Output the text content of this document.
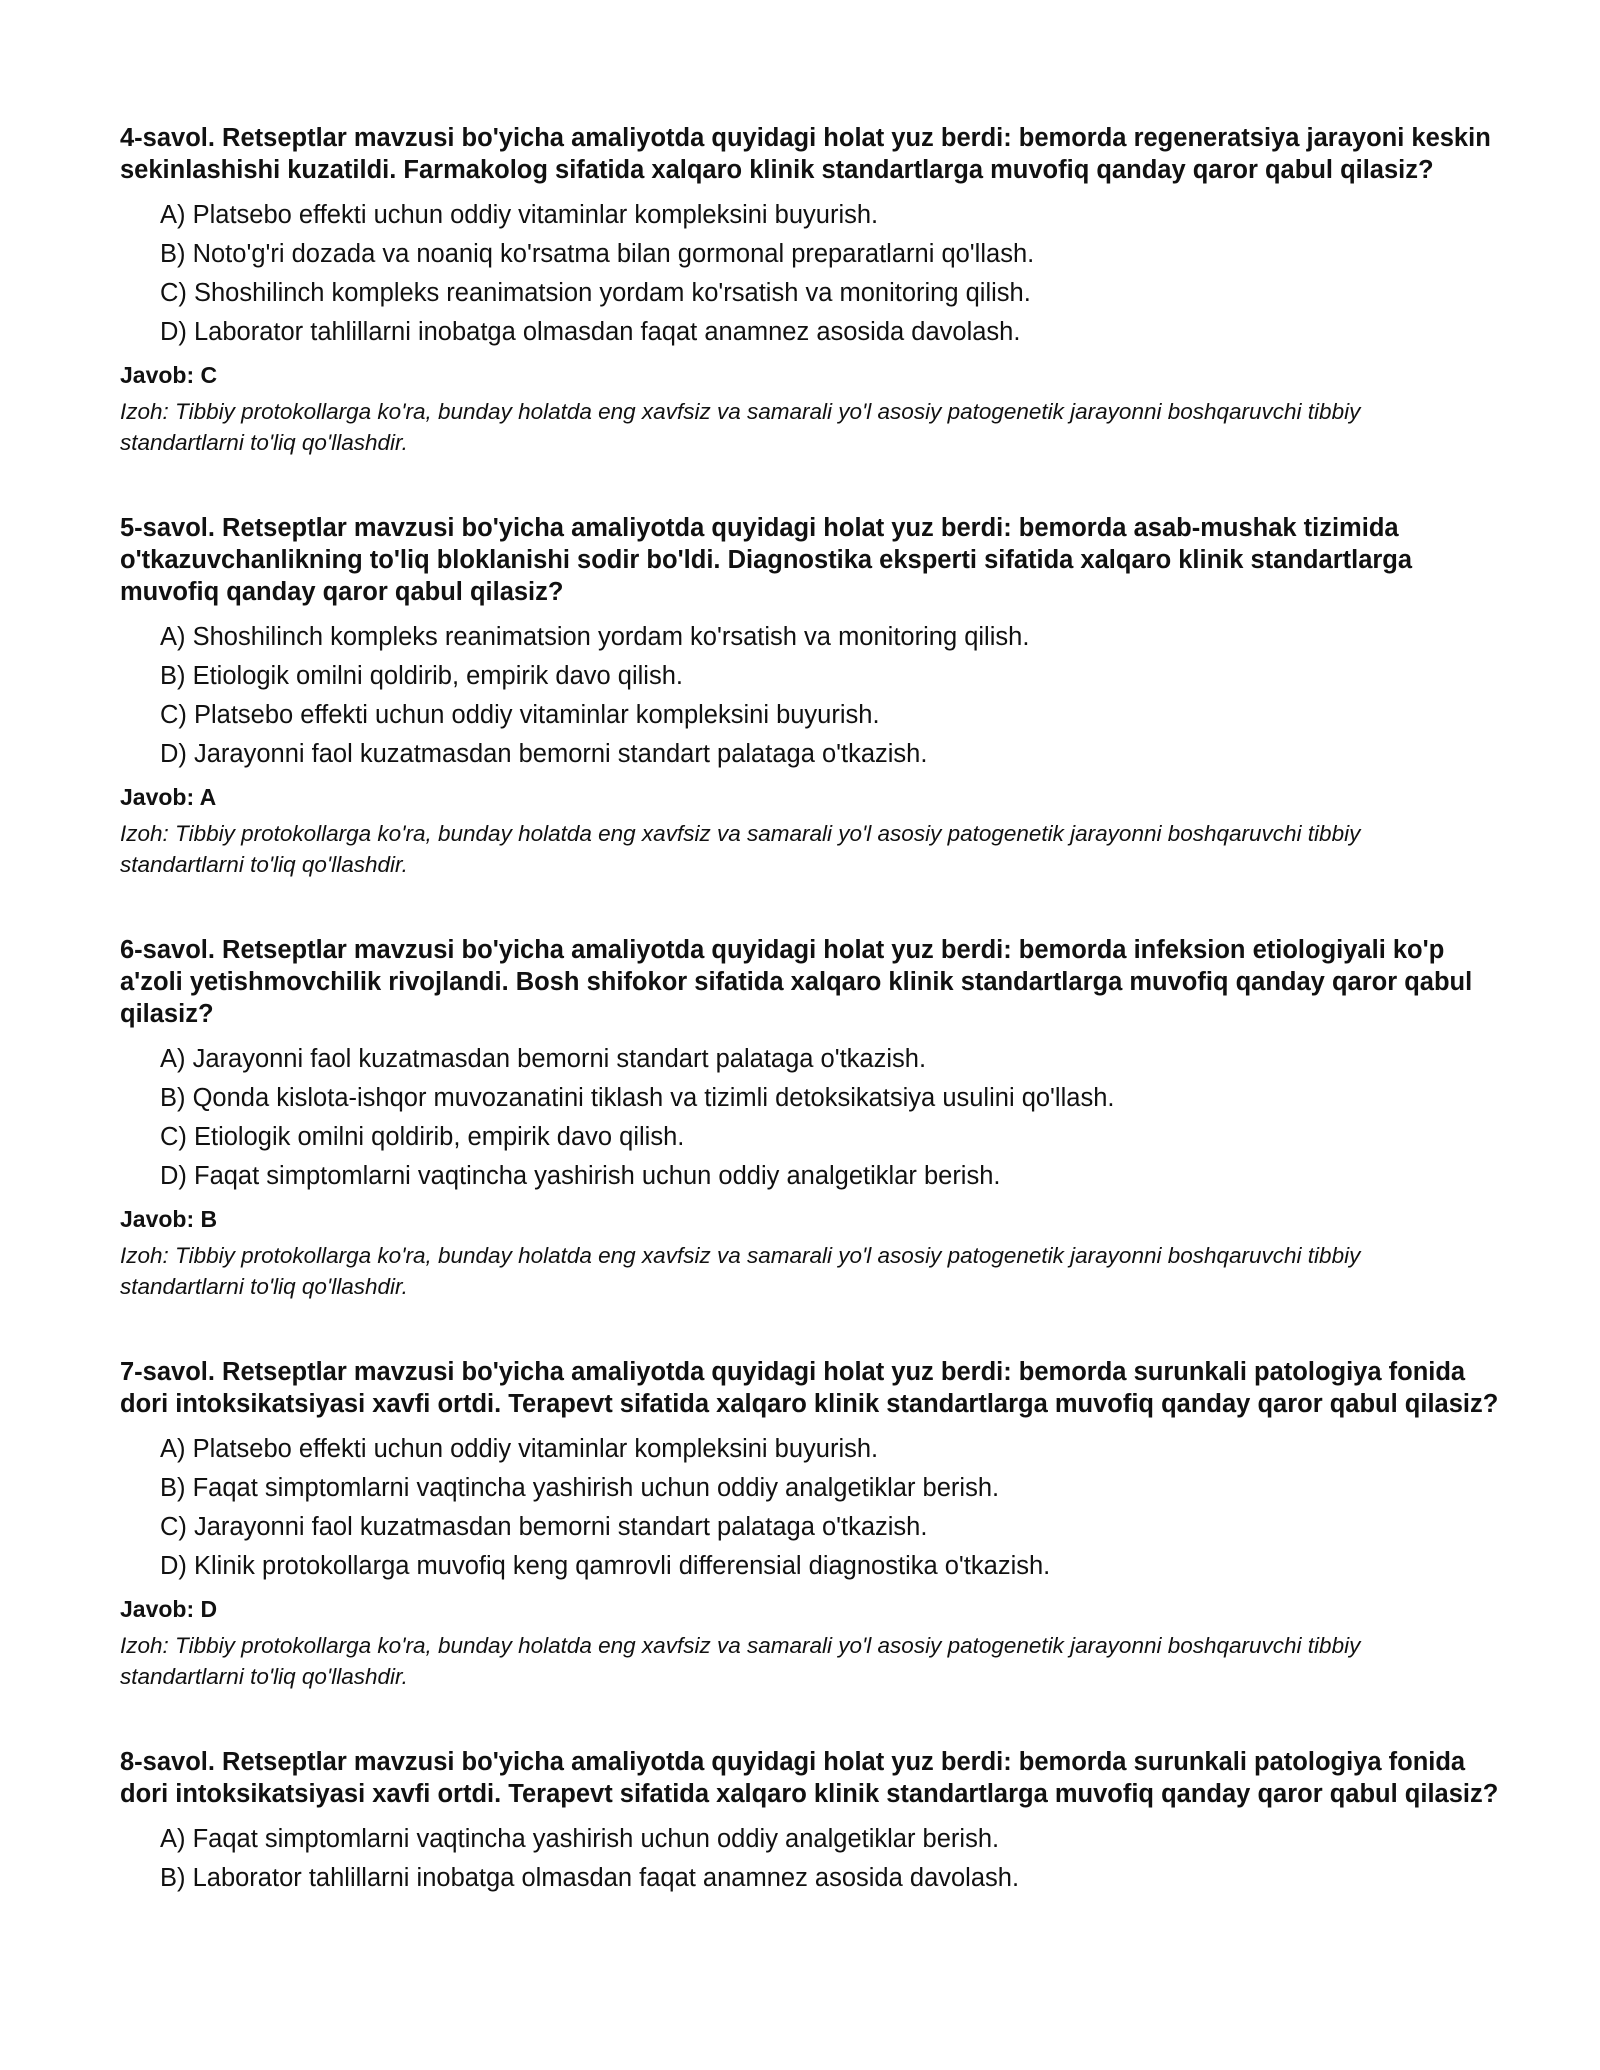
4-savol. Retseptlar mavzusi bo'yicha amaliyotda quyidagi holat yuz berdi: bemorda regeneratsiya jarayoni keskin sekinlashishi kuzatildi. Farmakolog sifatida xalqaro klinik standartlarga muvofiq qanday qaror qabul qilasiz?
A) Platsebo effekti uchun oddiy vitaminlar kompleksini buyurish.
B) Noto'g'ri dozada va noaniq ko'rsatma bilan gormonal preparatlarni qo'llash.
C) Shoshilinch kompleks reanimatsion yordam ko'rsatish va monitoring qilish.
D) Laborator tahlillarni inobatga olmasdan faqat anamnez asosida davolash.
Javob: C

Izoh: Tibbiy protokollarga ko'ra, bunday holatda eng xavfsiz va samarali yo'l asosiy patogenetik jarayonni boshqaruvchi tibbiy standartlarni to'liq qo'llashdir.

5-savol. Retseptlar mavzusi bo'yicha amaliyotda quyidagi holat yuz berdi: bemorda asab-mushak tizimida o'tkazuvchanlikning to'liq bloklanishi sodir bo'ldi. Diagnostika eksperti sifatida xalqaro klinik standartlarga muvofiq qanday qaror qabul qilasiz?
A) Shoshilinch kompleks reanimatsion yordam ko'rsatish va monitoring qilish.
B) Etiologik omilni qoldirib, empirik davo qilish.
C) Platsebo effekti uchun oddiy vitaminlar kompleksini buyurish.
D) Jarayonni faol kuzatmasdan bemorni standart palataga o'tkazish.
Javob: A

Izoh: Tibbiy protokollarga ko'ra, bunday holatda eng xavfsiz va samarali yo'l asosiy patogenetik jarayonni boshqaruvchi tibbiy standartlarni to'liq qo'llashdir.

6-savol. Retseptlar mavzusi bo'yicha amaliyotda quyidagi holat yuz berdi: bemorda infeksion etiologiyali ko'p a'zoli yetishmovchilik rivojlandi. Bosh shifokor sifatida xalqaro klinik standartlarga muvofiq qanday qaror qabul qilasiz?
A) Jarayonni faol kuzatmasdan bemorni standart palataga o'tkazish.
B) Qonda kislota-ishqor muvozanatini tiklash va tizimli detoksikatsiya usulini qo'llash.
C) Etiologik omilni qoldirib, empirik davo qilish.
D) Faqat simptomlarni vaqtincha yashirish uchun oddiy analgetiklar berish.
Javob: B

Izoh: Tibbiy protokollarga ko'ra, bunday holatda eng xavfsiz va samarali yo'l asosiy patogenetik jarayonni boshqaruvchi tibbiy standartlarni to'liq qo'llashdir.

7-savol. Retseptlar mavzusi bo'yicha amaliyotda quyidagi holat yuz berdi: bemorda surunkali patologiya fonida dori intoksikatsiyasi xavfi ortdi. Terapevt sifatida xalqaro klinik standartlarga muvofiq qanday qaror qabul qilasiz?
A) Platsebo effekti uchun oddiy vitaminlar kompleksini buyurish.
B) Faqat simptomlarni vaqtincha yashirish uchun oddiy analgetiklar berish.
C) Jarayonni faol kuzatmasdan bemorni standart palataga o'tkazish.
D) Klinik protokollarga muvofiq keng qamrovli differensial diagnostika o'tkazish.
Javob: D

Izoh: Tibbiy protokollarga ko'ra, bunday holatda eng xavfsiz va samarali yo'l asosiy patogenetik jarayonni boshqaruvchi tibbiy standartlarni to'liq qo'llashdir.

8-savol. Retseptlar mavzusi bo'yicha amaliyotda quyidagi holat yuz berdi: bemorda surunkali patologiya fonida dori intoksikatsiyasi xavfi ortdi. Terapevt sifatida xalqaro klinik standartlarga muvofiq qanday qaror qabul qilasiz?
A) Faqat simptomlarni vaqtincha yashirish uchun oddiy analgetiklar berish.
B) Laborator tahlillarni inobatga olmasdan faqat anamnez asosida davolash.
